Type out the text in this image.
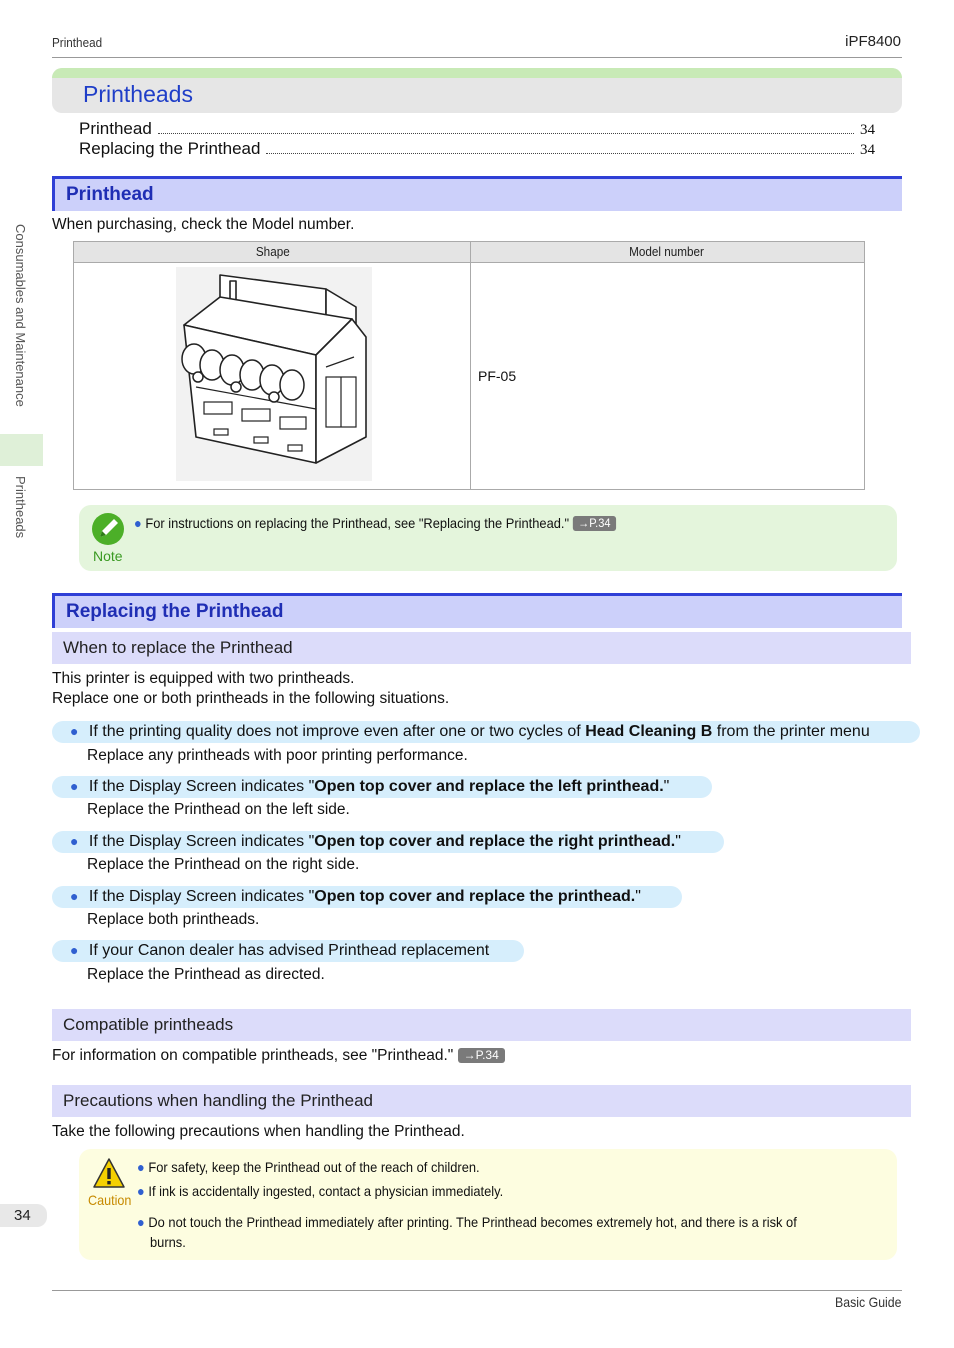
Printhead	iPF8400
Consumables and Maintenance
Printheads
34
Printheads
Printhead	34
Replacing the Printhead	34
Printhead
When purchasing, check the Model number.
Shape	Model number
PF-05
Note
● For instructions on replacing the Printhead, see "Replacing the Printhead." →P.34
Replacing the Printhead
When to replace the Printhead
This printer is equipped with two printheads.
Replace one or both printheads in the following situations.
● If the printing quality does not improve even after one or two cycles of Head Cleaning B from the printer menu
Replace any printheads with poor printing performance.
● If the Display Screen indicates "Open top cover and replace the left printhead."
Replace the Printhead on the left side.
● If the Display Screen indicates "Open top cover and replace the right printhead."
Replace the Printhead on the right side.
● If the Display Screen indicates "Open top cover and replace the printhead."
Replace both printheads.
● If your Canon dealer has advised Printhead replacement
Replace the Printhead as directed.
Compatible printheads
For information on compatible printheads, see "Printhead." →P.34
Precautions when handling the Printhead
Take the following precautions when handling the Printhead.
Caution
● For safety, keep the Printhead out of the reach of children.
● If ink is accidentally ingested, contact a physician immediately.
● Do not touch the Printhead immediately after printing. The Printhead becomes extremely hot, and there is a risk of
burns.
Basic Guide
